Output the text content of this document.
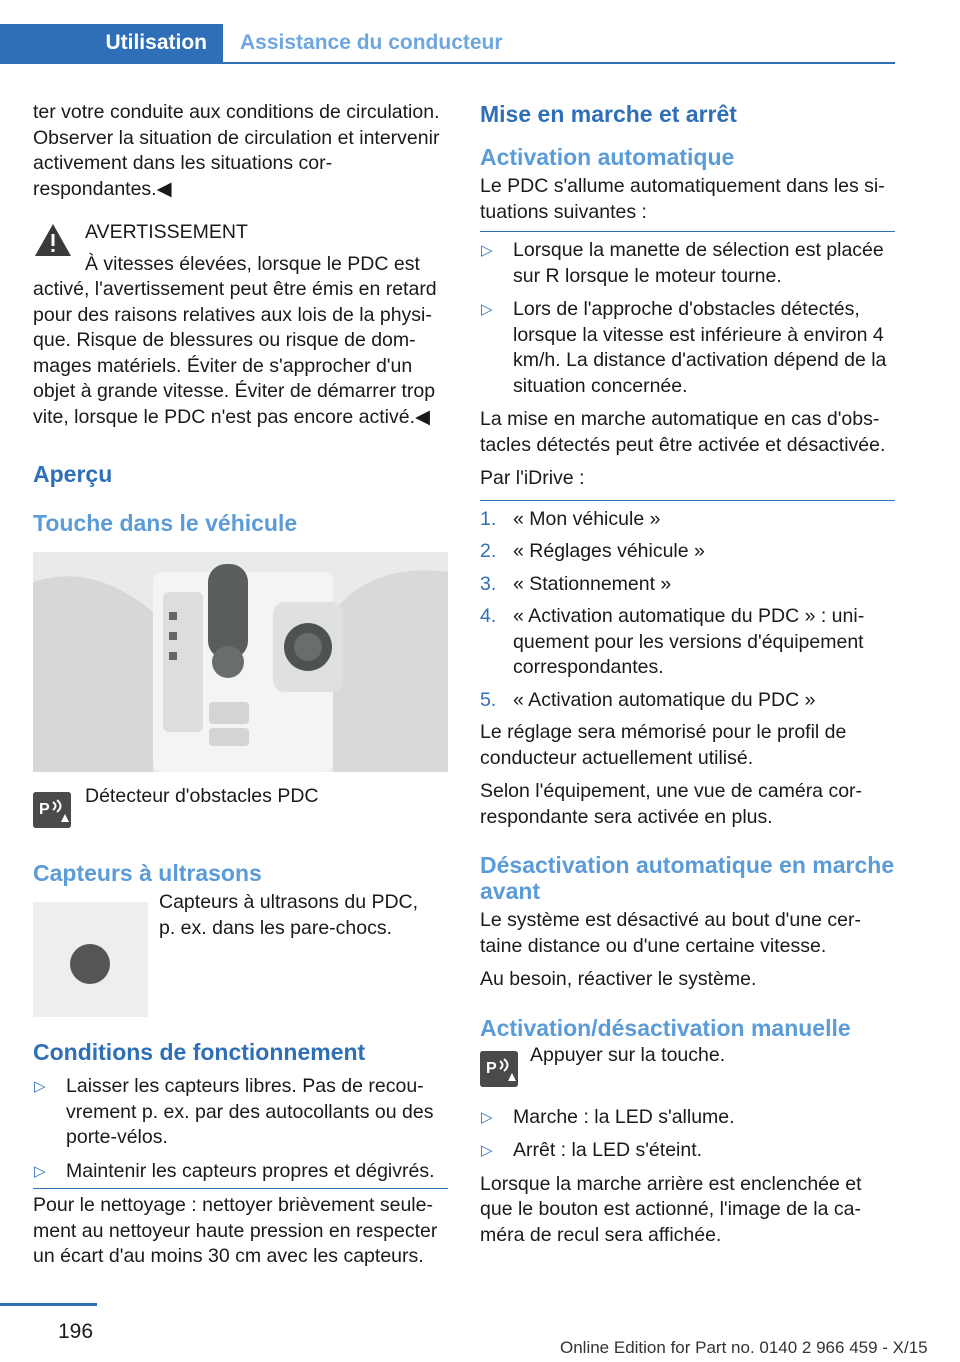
Utilisation	Assistance du conducteur

ter votre conduite aux conditions de circulation. Observer la situation de circulation et intervenir activement dans les situations correspondantes.◀

AVERTISSEMENT

À vitesses élevées, lorsque le PDC est activé, l'avertissement peut être émis en retard pour des raisons relatives aux lois de la physique. Risque de blessures ou risque de dommages matériels. Éviter de s'approcher d'un objet à grande vitesse. Éviter de démarrer trop vite, lorsque le PDC n'est pas encore activé.◀

Aperçu

Touche dans le véhicule

P

Détecteur d'obstacles PDC

Capteurs à ultrasons

Capteurs à ultrasons du PDC, p. ex. dans les pare-chocs.

Conditions de fonctionnement

▷ Laisser les capteurs libres. Pas de recouvrement p. ex. par des autocollants ou des porte-vélos.
▷ Maintenir les capteurs propres et dégivrés.

Pour le nettoyage : nettoyer brièvement seulement au nettoyeur haute pression en respecter un écart d'au moins 30 cm avec les capteurs.

Mise en marche et arrêt

Activation automatique

Le PDC s'allume automatiquement dans les situations suivantes :

▷ Lorsque la manette de sélection est placée sur R lorsque le moteur tourne.
▷ Lors de l'approche d'obstacles détectés, lorsque la vitesse est inférieure à environ 4 km/h. La distance d'activation dépend de la situation concernée.

La mise en marche automatique en cas d'obstacles détectés peut être activée et désactivée.

Par l'iDrive :

1. « Mon véhicule »
2. « Réglages véhicule »
3. « Stationnement »
4. « Activation automatique du PDC » : uniquement pour les versions d'équipement correspondantes.
5. « Activation automatique du PDC »

Le réglage sera mémorisé pour le profil de conducteur actuellement utilisé.

Selon l'équipement, une vue de caméra correspondante sera activée en plus.

Désactivation automatique en marche avant

Le système est désactivé au bout d'une certaine distance ou d'une certaine vitesse.

Au besoin, réactiver le système.

Activation/désactivation manuelle

P

Appuyer sur la touche.

▷ Marche : la LED s'allume.
▷ Arrêt : la LED s'éteint.

Lorsque la marche arrière est enclenchée et que le bouton est actionné, l'image de la caméra de recul sera affichée.

196
Online Edition for Part no. 0140 2 966 459 - X/15
